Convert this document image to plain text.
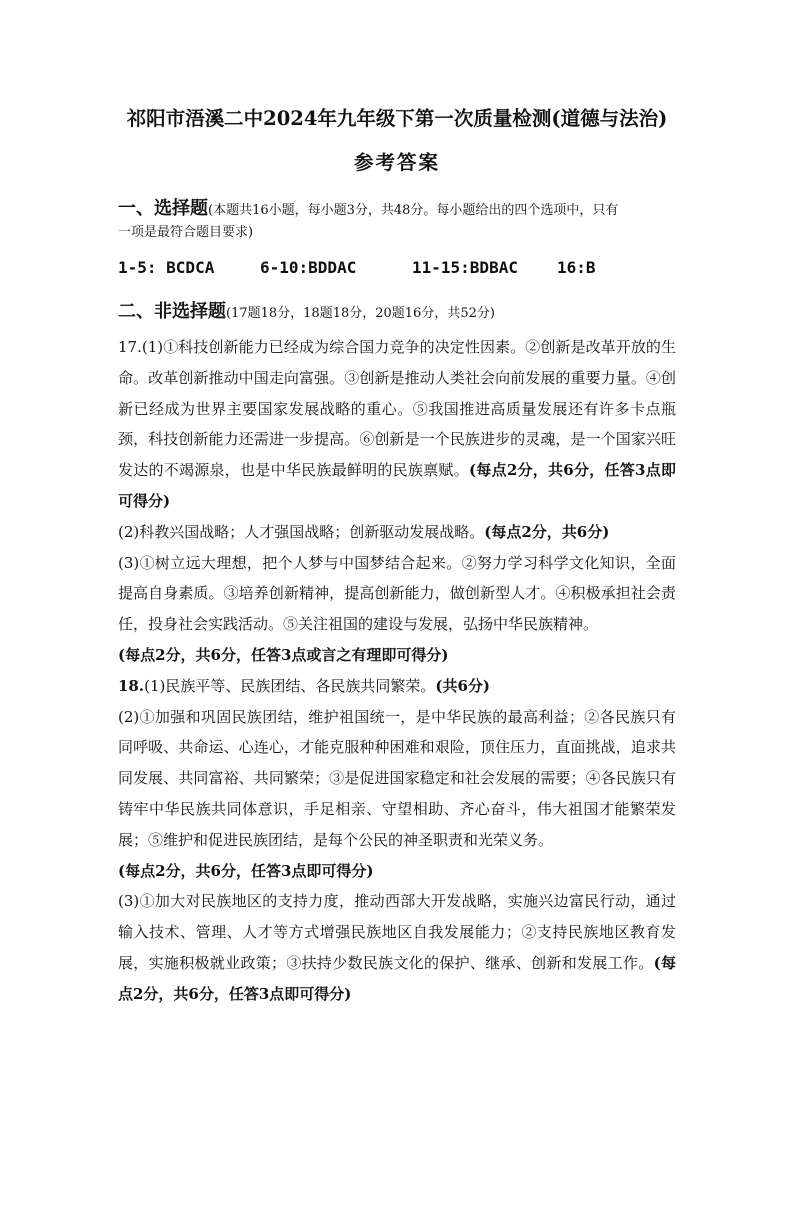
祁阳市浯溪二中2024年九年级下第一次质量检测(道德与法治)
参考答案
一、选择题(本题共16小题，每小题3分，共48分。每小题给出的四个选项中，只有
一项是最符合题目要求)
1-5: BCDCA	6-10:BDDAC	11-15:BDBAC	16:B
二、非选择题(17题18分，18题18分，20题16分，共52分)
17.(1)①科技创新能力已经成为综合国力竞争的决定性因素。②创新是改革开放的生命。改革创新推动中国走向富强。③创新是推动人类社会向前发展的重要力量。④创新已经成为世界主要国家发展战略的重心。⑤我国推进高质量发展还有许多卡点瓶颈，科技创新能力还需进一步提高。⑥创新是一个民族进步的灵魂，是一个国家兴旺发达的不竭源泉，也是中华民族最鲜明的民族禀赋。(每点2分，共6分，任答3点即可得分)
(2)科教兴国战略；人才强国战略；创新驱动发展战略。(每点2分，共6分)
(3)①树立远大理想，把个人梦与中国梦结合起来。②努力学习科学文化知识，全面提高自身素质。③培养创新精神，提高创新能力，做创新型人才。④积极承担社会责任，投身社会实践活动。⑤关注祖国的建设与发展，弘扬中华民族精神。
(每点2分，共6分，任答3点或言之有理即可得分)
18.(1)民族平等、民族团结、各民族共同繁荣。(共6分)
(2)①加强和巩固民族团结，维护祖国统一，是中华民族的最高利益；②各民族只有同呼吸、共命运、心连心，才能克服种种困难和艰险，顶住压力，直面挑战，追求共同发展、共同富裕、共同繁荣；③是促进国家稳定和社会发展的需要；④各民族只有铸牢中华民族共同体意识，手足相亲、守望相助、齐心奋斗，伟大祖国才能繁荣发展；⑤维护和促进民族团结，是每个公民的神圣职责和光荣义务。
(每点2分，共6分，任答3点即可得分)
(3)①加大对民族地区的支持力度，推动西部大开发战略，实施兴边富民行动，通过输入技术、管理、人才等方式增强民族地区自我发展能力；②支持民族地区教育发展，实施积极就业政策；③扶持少数民族文化的保护、继承、创新和发展工作。(每点2分，共6分，任答3点即可得分)
